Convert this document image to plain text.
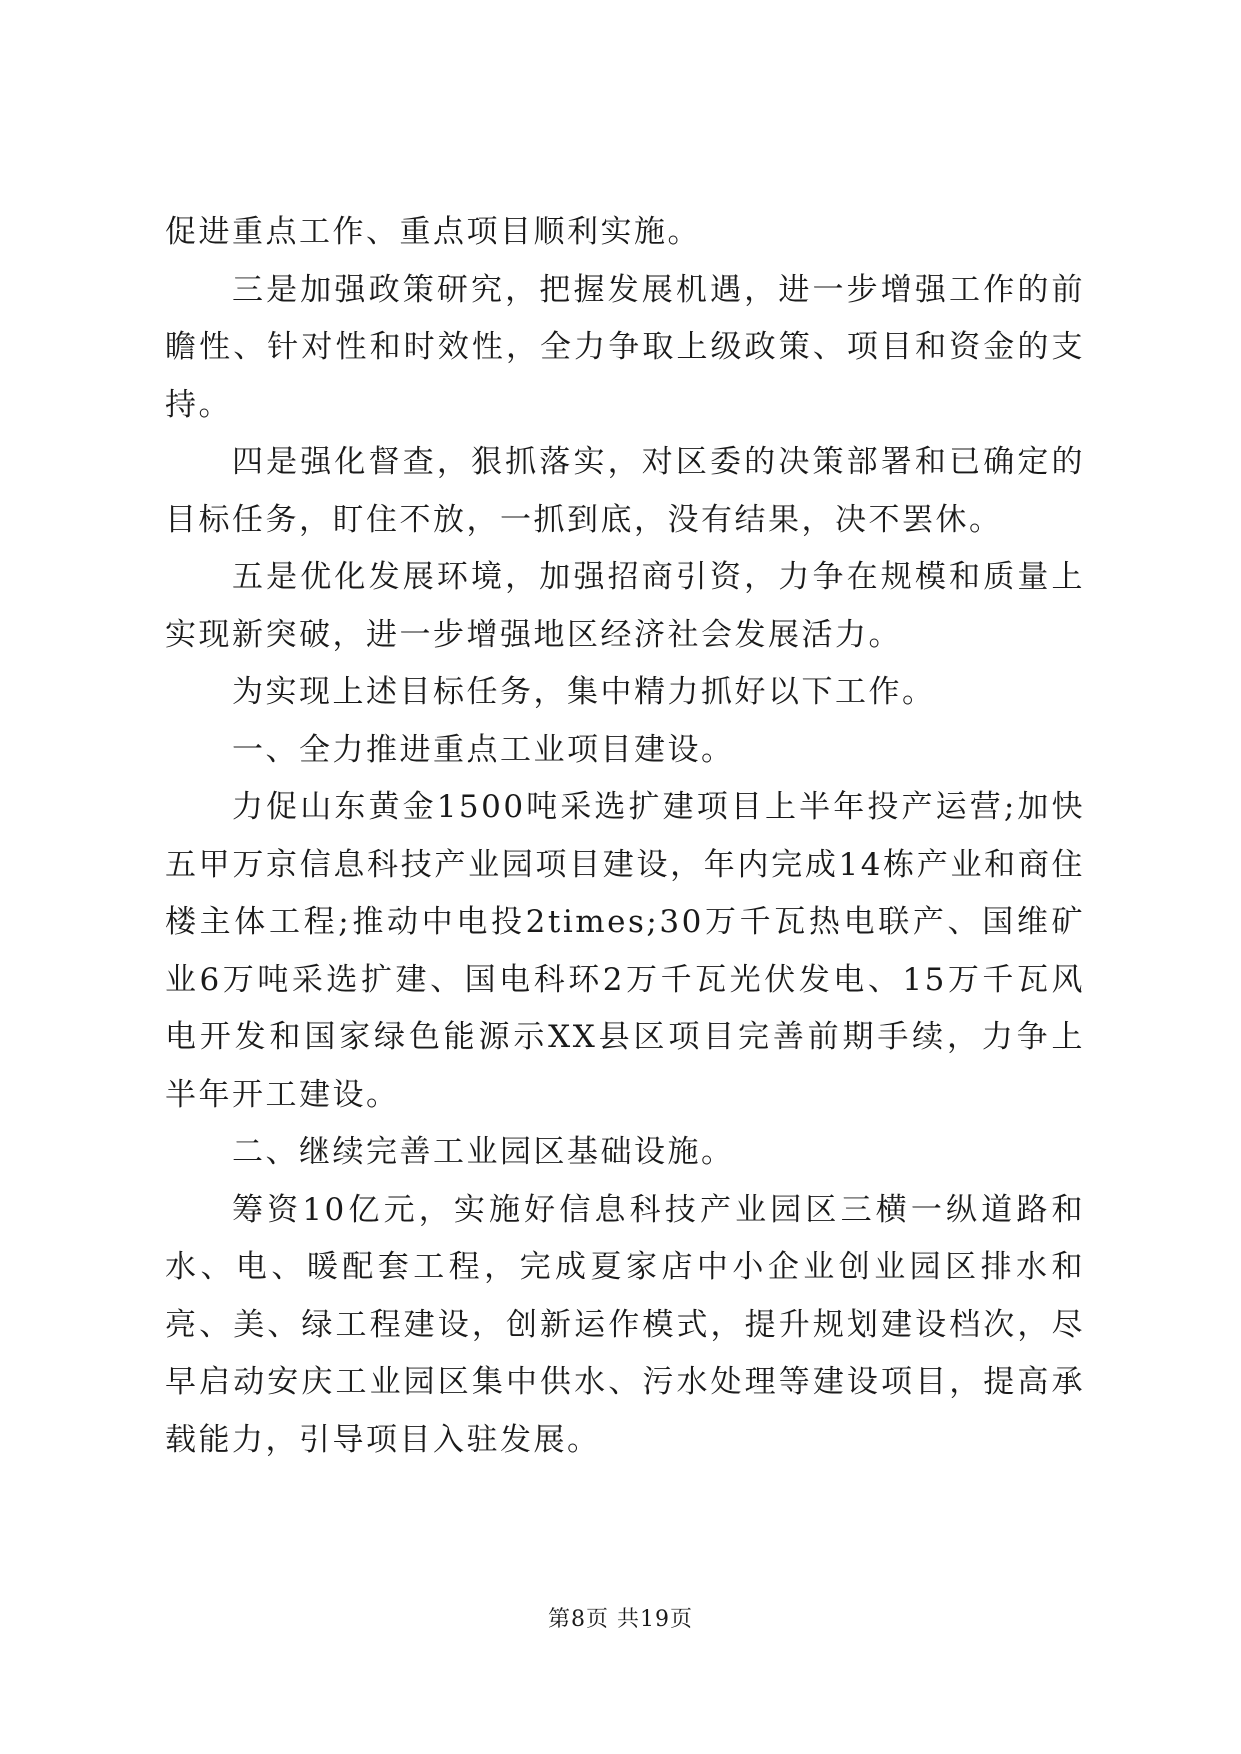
促进重点工作、重点项目顺利实施。

三是加强政策研究，把握发展机遇，进一步增强工作的前瞻性、针对性和时效性，全力争取上级政策、项目和资金的支持。

四是强化督查，狠抓落实，对区委的决策部署和已确定的目标任务，盯住不放，一抓到底，没有结果，决不罢休。

五是优化发展环境，加强招商引资，力争在规模和质量上实现新突破，进一步增强地区经济社会发展活力。

为实现上述目标任务，集中精力抓好以下工作。

一、全力推进重点工业项目建设。

力促山东黄金1500吨采选扩建项目上半年投产运营;加快五甲万京信息科技产业园项目建设，年内完成14栋产业和商住楼主体工程;推动中电投2times;30万千瓦热电联产、国维矿业6万吨采选扩建、国电科环2万千瓦光伏发电、15万千瓦风电开发和国家绿色能源示XX县区项目完善前期手续，力争上半年开工建设。

二、继续完善工业园区基础设施。

筹资10亿元，实施好信息科技产业园区三横一纵道路和水、电、暖配套工程，完成夏家店中小企业创业园区排水和亮、美、绿工程建设，创新运作模式，提升规划建设档次，尽早启动安庆工业园区集中供水、污水处理等建设项目，提高承载能力，引导项目入驻发展。

第8页 共19页
